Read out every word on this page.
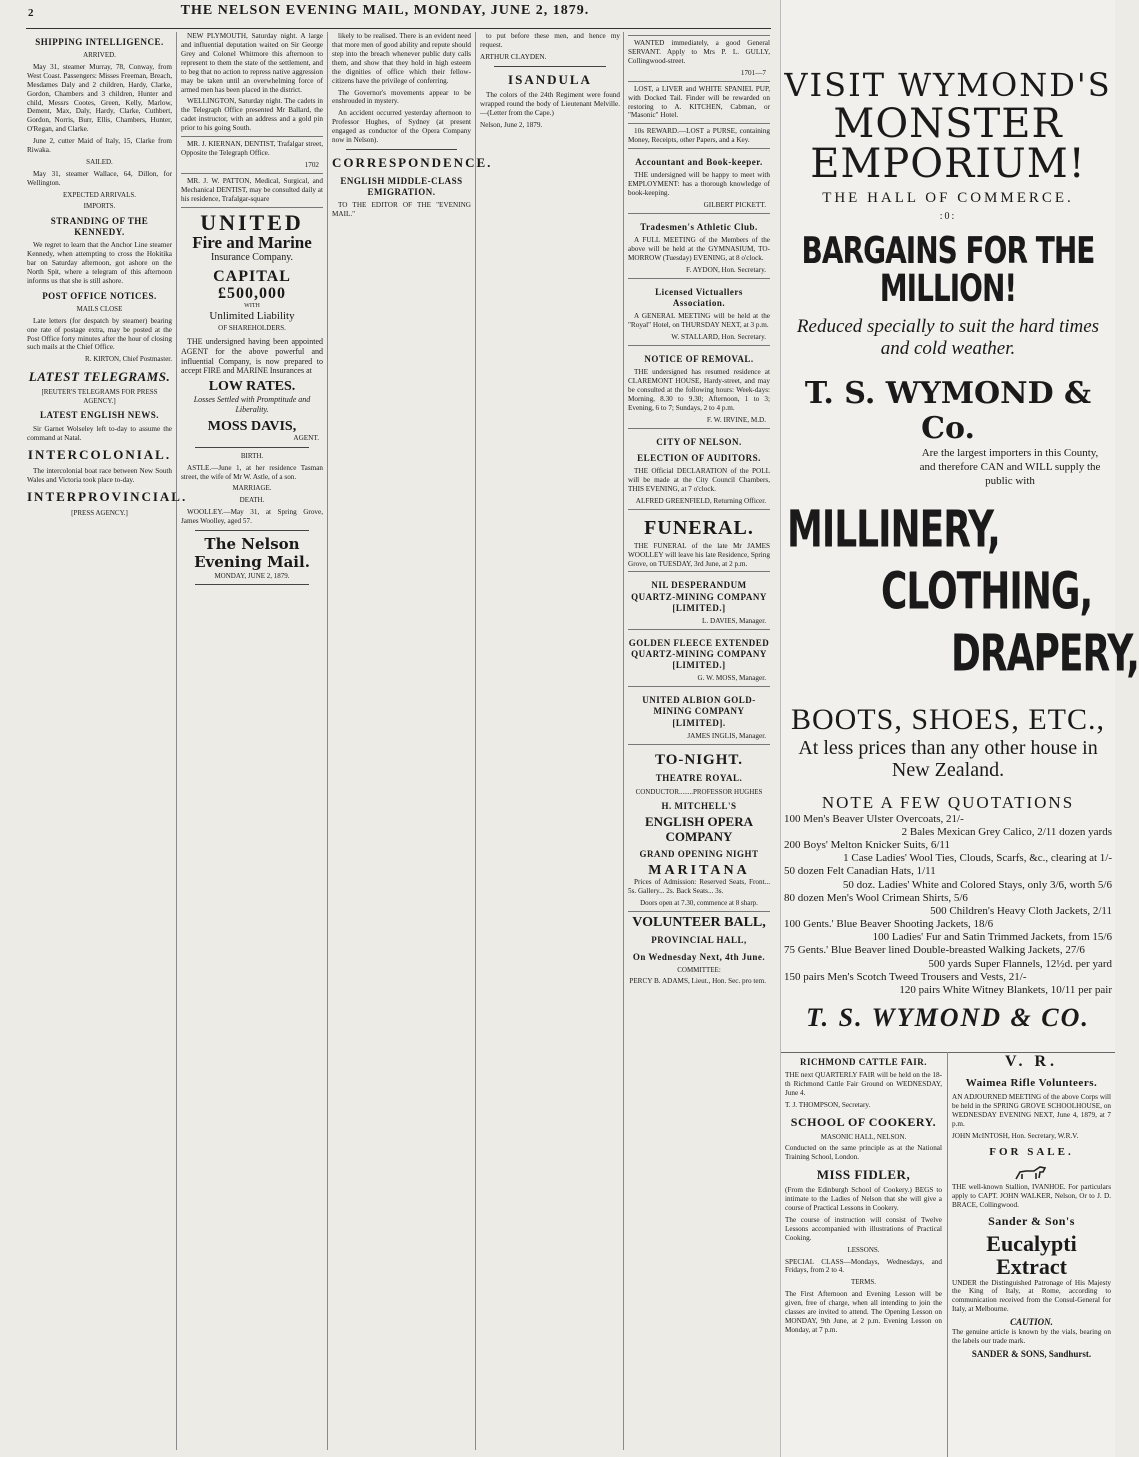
2	THE NELSON EVENING MAIL, MONDAY, JUNE 2, 1879.
SHIPPING INTELLIGENCE.
ARRIVED.

May 31, steamer Murray, 78, Conway, from West Coast. Passengers: Misses Freeman, Breach, Mesdames Daly and 2 children, Hardy, Clarke, Gordon, Chambers and 3 children, Hunter and child, Messrs Cootes, Green, Kelly, Marlow, Dement, Max, Daly, Hardy, Clarke, Cuthbert, Gordon, Norris, Burr, Ellis, Chambers, Hunter, O'Regan, and Clarke.

June 2, cutter Maid of Italy, 15, Clarke from Riwaka.

SAILED.

May 31, steamer Wallace, 64, Dillon, for Wellington.

EXPECTED ARRIVALS.
IMPORTS.
STRANDING OF THE KENNEDY.

We regret to learn that the Anchor Line steamer Kennedy, when attempting to cross the Hokitika bar on Saturday afternoon, got ashore on the North Spit, where a telegram of this afternoon informs us that she is still ashore.

POST OFFICE NOTICES.
MAILS CLOSE

Late letters (for despatch by steamer) bearing one rate of postage extra, may be posted at the Post Office forty minutes after the hour of closing such mails at the Chief Office.

R. KIRTON, Chief Postmaster.
LATEST TELEGRAMS.
[REUTER'S TELEGRAMS FOR PRESS AGENCY.]
LATEST ENGLISH NEWS.

Sir Garnet Wolseley left to-day to assume the command at Natal.

INTERCOLONIAL.

The intercolonial boat race between New South Wales and Victoria took place to-day.

INTERPROVINCIAL.
[PRESS AGENCY.]

NEW PLYMOUTH, Saturday night. A large and influential deputation waited on Sir George Grey and Colonel Whitmore this afternoon to represent to them the state of the settlement, and to beg that no action to repress native aggression may be taken until an overwhelming force of armed men has been placed in the district.

WELLINGTON, Saturday night. The cadets in the Telegraph Office presented Mr Ballard, the cadet instructor, with an address and a gold pin prior to his going South.

MR. J. KIERNAN, DENTIST, Trafalgar street, Opposite the Telegraph Office.

1702

MR. J. W. PATTON, Medical, Surgical, and Mechanical DENTIST, may be consulted daily at his residence, Trafalgar-square

UNITED
Fire and Marine
Insurance Company.
CAPITAL £500,000
WITH
Unlimited Liability
OF SHAREHOLDERS.

THE undersigned having been appointed AGENT for the above powerful and influential Company, is now prepared to accept FIRE and MARINE Insurances at

LOW RATES.
Losses Settled with Promptitude and Liberality.
MOSS DAVIS,
AGENT.
BIRTH.

ASTLE.—June 1, at her residence Tasman street, the wife of Mr W. Astle, of a son.

MARRIAGE.
DEATH.

WOOLLEY.—May 31, at Spring Grove, James Woolley, aged 57.

The Nelson Evening Mail.
MONDAY, JUNE 2, 1879.

likely to be realised. There is an evident need that more men of good ability and repute should step into the breach whenever public duty calls them, and show that they hold in high esteem the dignities of office which their fellow-citizens have the privilege of conferring.

The Governor's movements appear to be enshrouded in mystery.

An accident occurred yesterday afternoon to Professor Hughes, of Sydney (at present engaged as conductor of the Opera Company now in Nelson).

CORRESPONDENCE.
ENGLISH MIDDLE-CLASS EMIGRATION.

TO THE EDITOR OF THE "EVENING MAIL."

to put before these men, and hence my request.

ARTHUR CLAYDEN.
ISANDULA

The colors of the 24th Regiment were found wrapped round the body of Lieutenant Melville.—(Letter from the Cape.)

Nelson, June 2, 1879.

WANTED immediately, a good General SERVANT. Apply to Mrs P. L. GULLY, Collingwood-street.

1701—7

LOST, a LIVER and WHITE SPANIEL PUP, with Docked Tail. Finder will be rewarded on restoring to A. KITCHEN, Cabman, or "Masonic" Hotel.

10s REWARD.—LOST a PURSE, containing Money, Receipts, other Papers, and a Key.

Accountant and Book-keeper.

THE undersigned will be happy to meet with EMPLOYMENT: has a thorough knowledge of book-keeping.

GILBERT PICKETT.
Tradesmen's Athletic Club.

A FULL MEETING of the Members of the above will be held at the GYMNASIUM, TO-MORROW (Tuesday) EVENING, at 8 o'clock.

F. AYDON, Hon. Secretary.
Licensed Victuallers Association.

A GENERAL MEETING will be held at the "Royal" Hotel, on THURSDAY NEXT, at 3 p.m.

W. STALLARD, Hon. Secretary.
NOTICE OF REMOVAL.

THE undersigned has resumed residence at CLAREMONT HOUSE, Hardy-street, and may be consulted at the following hours: Week-days: Morning, 8.30 to 9.30; Afternoon, 1 to 3; Evening, 6 to 7; Sundays, 2 to 4 p.m.

F. W. IRVINE, M.D.
CITY OF NELSON.
ELECTION OF AUDITORS.

THE Official DECLARATION of the POLL will be made at the City Council Chambers, THIS EVENING, at 7 o'clock.

ALFRED GREENFIELD, Returning Officer.
FUNERAL.

THE FUNERAL of the late Mr JAMES WOOLLEY will leave his late Residence, Spring Grove, on TUESDAY, 3rd June, at 2 p.m.

NIL DESPERANDUM QUARTZ-MINING COMPANY [LIMITED.]
L. DAVIES, Manager.
GOLDEN FLEECE EXTENDED QUARTZ-MINING COMPANY [LIMITED.]
G. W. MOSS, Manager.
UNITED ALBION GOLD-MINING COMPANY [LIMITED].
JAMES INGLIS, Manager.
TO-NIGHT.
THEATRE ROYAL.
CONDUCTOR........PROFESSOR HUGHES
H. MITCHELL'S
ENGLISH OPERA COMPANY
GRAND OPENING NIGHT
MARITANA

Prices of Admission: Reserved Seats, Front... 5s. Gallery... 2s. Back Seats... 3s.

Doors open at 7.30, commence at 8 sharp.
VOLUNTEER BALL,
PROVINCIAL HALL,
On Wednesday Next, 4th June.
COMMITTEE:
PERCY B. ADAMS, Lieut., Hon. Sec. pro tem.
VISIT WYMOND'S
MONSTER EMPORIUM!
THE HALL OF COMMERCE.
:0:
BARGAINS FOR THE MILLION!
Reduced specially to suit the hard times and cold weather.
T. S. WYMOND & Co.
Are the largest importers in this County, and therefore CAN and WILL supply the public with
MILLINERY,
CLOTHING,
DRAPERY,
BOOTS, SHOES, ETC.,
At less prices than any other house in New Zealand.
NOTE A FEW QUOTATIONS
100 Men's Beaver Ulster Overcoats, 21/-
2 Bales Mexican Grey Calico, 2/11 dozen yards
200 Boys' Melton Knicker Suits, 6/11
1 Case Ladies' Wool Ties, Clouds, Scarfs, &c., clearing at 1/-
50 dozen Felt Canadian Hats, 1/11
50 doz. Ladies' White and Colored Stays, only 3/6, worth 5/6
80 dozen Men's Wool Crimean Shirts, 5/6
500 Children's Heavy Cloth Jackets, 2/11
100 Gents.' Blue Beaver Shooting Jackets, 18/6
100 Ladies' Fur and Satin Trimmed Jackets, from 15/6
75 Gents.' Blue Beaver lined Double-breasted Walking Jackets, 27/6
500 yards Super Flannels, 12½d. per yard
150 pairs Men's Scotch Tweed Trousers and Vests, 21/-
120 pairs White Witney Blankets, 10/11 per pair
T. S. WYMOND & CO.
RICHMOND CATTLE FAIR.

THE next QUARTERLY FAIR will be held on the 18-th Richmond Cattle Fair Ground on WEDNESDAY, June 4.

T. J. THOMPSON, Secretary.
SCHOOL OF COOKERY.
MASONIC HALL, NELSON.

Conducted on the same principle as at the National Training School, London.

MISS FIDLER,

(From the Edinburgh School of Cookery.) BEGS to intimate to the Ladies of Nelson that she will give a course of Practical Lessons in Cookery.

The course of instruction will consist of Twelve Lessons accompanied with illustrations of Practical Cooking.

LESSONS.

SPECIAL CLASS—Mondays, Wednesdays, and Fridays, from 2 to 4.

TERMS.

The First Afternoon and Evening Lesson will be given, free of charge, when all intending to join the classes are invited to attend. The Opening Lesson on MONDAY, 9th June, at 2 p.m. Evening Lesson on Monday, at 7 p.m.

V. R.
Waimea Rifle Volunteers.

AN ADJOURNED MEETING of the above Corps will be held in the SPRING GROVE SCHOOLHOUSE, on WEDNESDAY EVENING NEXT, June 4, 1879, at 7 p.m.

JOHN McINTOSH, Hon. Secretary, W.R.V.
FOR SALE.

THE well-known Stallion, IVANHOE. For particulars apply to CAPT. JOHN WALKER, Nelson, Or to J. D. BRACE, Collingwood.

Sander & Son's
Eucalypti Extract

UNDER the Distinguished Patronage of His Majesty the King of Italy, at Rome, according to communication received from the Consul-General for Italy, at Melbourne.

CAUTION.

The genuine article is known by the vials, bearing on the labels our trade mark.

SANDER & SONS, Sandhurst.
